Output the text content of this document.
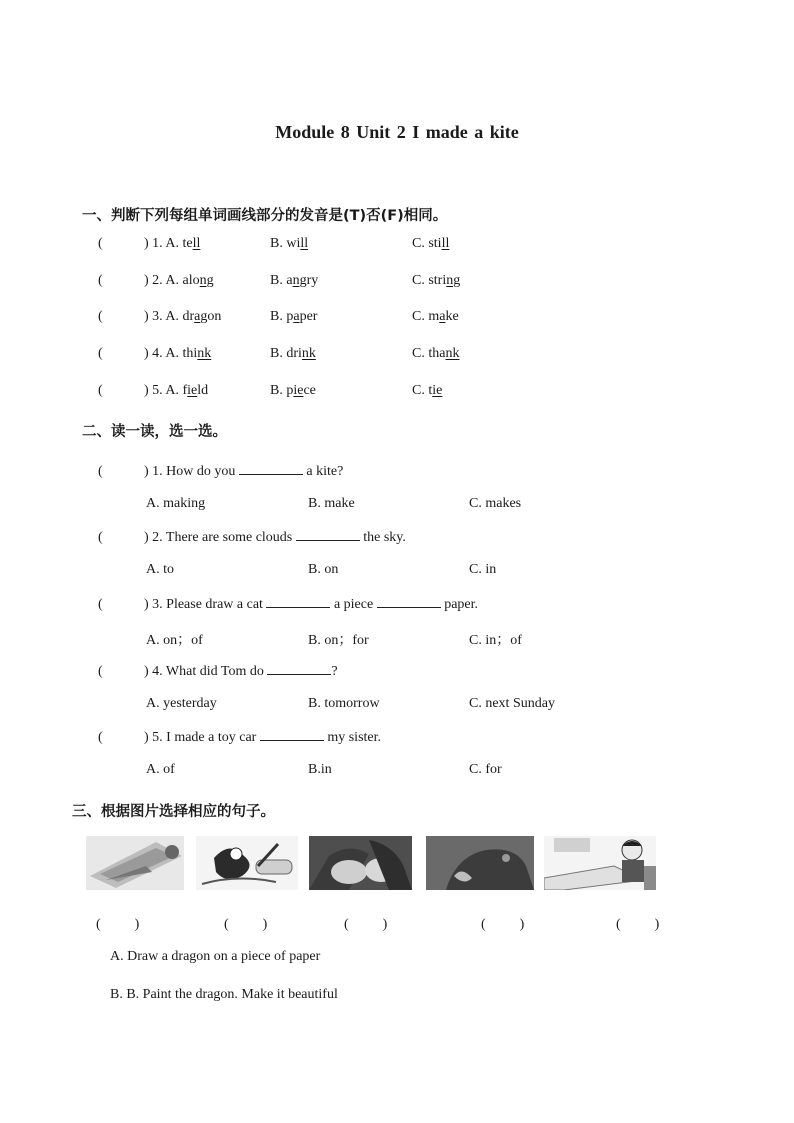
Module 8 Unit 2 I made a kite
一、判断下列每组单词画线部分的发音是(T)否(F)相同。
(	) 1. A. tell	B. will	C. still
(	) 2. A. along	B. angry	C. string
(	) 3. A. dragon	B. paper	C. make
(	) 4. A. think	B. drink	C. thank
(	) 5. A. field	B. piece	C. tie
二、读一读，选一选。
(	) 1. How do you	a kite?
A. making	B. make	C. makes
(	) 2. There are some clouds	the sky.
A. to	B. on	C. in
(	) 3. Please draw a cat	a piece	paper.
A. on；of	B. on；for	C. in；of
(	) 4. What did Tom do	?
A. yesterday	B. tomorrow	C. next Sunday
(	) 5. I made a toy car	my sister.
A. of	B.in	C. for
三、根据图片选择相应的句子。
( )	( )	( )	( )	( )
A. Draw a dragon on a piece of paper
B. B. Paint the dragon. Make it beautiful
